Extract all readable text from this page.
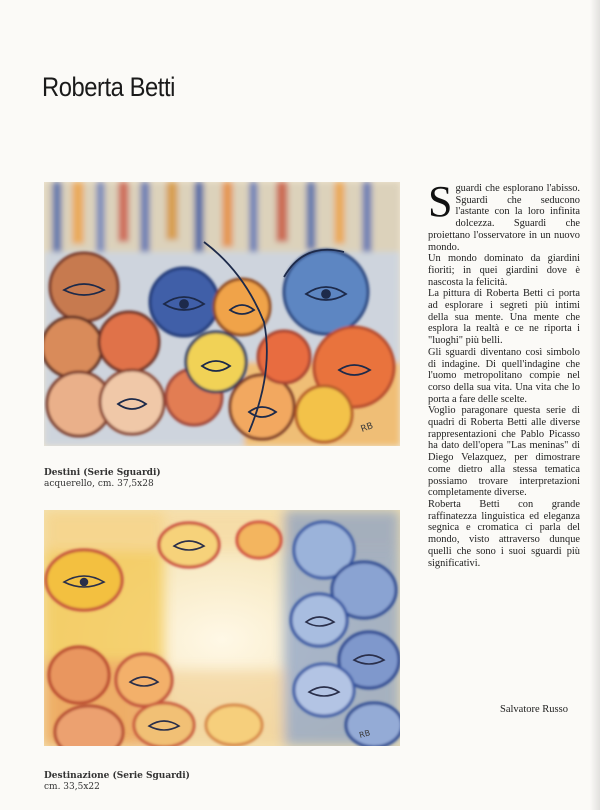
Roberta Betti
RB
Destini (Serie Sguardi)
acquerello, cm. 37,5x28
RB
Destinazione (Serie Sguardi)
cm. 33,5x22

Sguardi che esplorano l'abisso. Sguardi che seducono l'astante con la loro infinita dolcezza. Sguardi che proiettano l'osservatore in un nuovo mondo.

Un mondo dominato da giardini fioriti; in quei giardini dove è nascosta la felicità.

La pittura di Roberta Betti ci porta ad esplorare i segreti più intimi della sua mente. Una mente che esplora la realtà e ce ne riporta i "luoghi" più belli.

Gli sguardi diventano così simbolo di indagine. Di quell'indagine che l'uomo metropolitano compie nel corso della sua vita. Una vita che lo porta a fare delle scelte.

Voglio paragonare questa serie di quadri di Roberta Betti alle diverse rappresentazioni che Pablo Picasso ha dato dell'opera "Las meninas" di Diego Velazquez, per dimostrare come dietro alla stessa tematica possiamo trovare interpretazioni completamente diverse.

Roberta Betti con grande raffinatezza linguistica ed eleganza segnica e cromatica ci parla del mondo, visto attraverso dunque quelli che sono i suoi sguardi più significativi.

Salvatore Russo
